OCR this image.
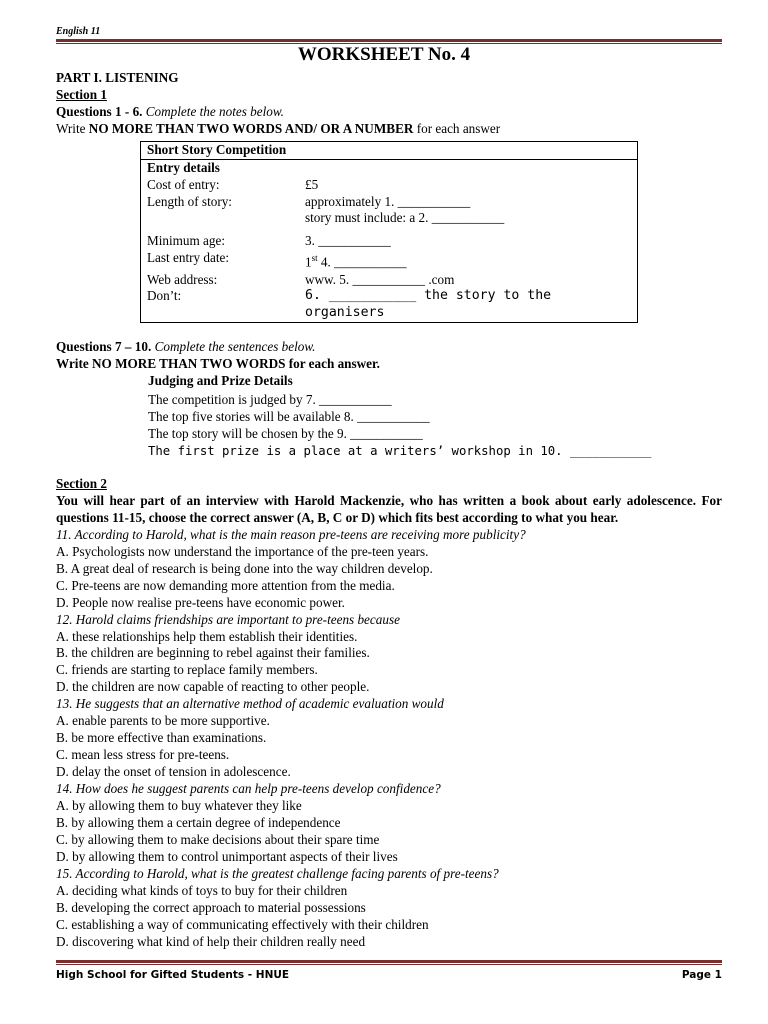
English 11
WORKSHEET No. 4
PART I. LISTENING
Section 1
Questions 1 - 6. Complete the notes below.
Write NO MORE THAN TWO WORDS AND/ OR A NUMBER for each answer
Short Story Competition	
Entry details	
Cost of entry:	£5
Length of story:	approximately 1. ___________
	story must include: a 2. ___________
Minimum age:	3. ___________
Last entry date:	1st 4. ___________
Web address:	www. 5. ___________ .com
Don’t:	6. ___________ the story to the organisers
Questions 7 – 10. Complete the sentences below.
Write NO MORE THAN TWO WORDS for each answer.
Judging and Prize Details
The competition is judged by 7. ___________
The top five stories will be available 8. ___________
The top story will be chosen by the 9. ___________
The first prize is a place at a writers’ workshop in 10. ___________
Section 2
You will hear part of an interview with Harold Mackenzie, who has written a book about early adolescence. For questions 11-15, choose the correct answer (A, B, C or D) which fits best according to what you hear.
11. According to Harold, what is the main reason pre-teens are receiving more publicity?
A. Psychologists now understand the importance of the pre-teen years.
B. A great deal of research is being done into the way children develop.
C. Pre-teens are now demanding more attention from the media.
D. People now realise pre-teens have economic power.
12. Harold claims friendships are important to pre-teens because
A. these relationships help them establish their identities.
B. the children are beginning to rebel against their families.
C. friends are starting to replace family members.
D. the children are now capable of reacting to other people.
13. He suggests that an alternative method of academic evaluation would
A. enable parents to be more supportive.
B. be more effective than examinations.
C. mean less stress for pre-teens.
D. delay the onset of tension in adolescence.
14. How does he suggest parents can help pre-teens develop confidence?
A. by allowing them to buy whatever they like
B. by allowing them a certain degree of independence
C. by allowing them to make decisions about their spare time
D. by allowing them to control unimportant aspects of their lives
15. According to Harold, what is the greatest challenge facing parents of pre-teens?
A. deciding what kinds of toys to buy for their children
B. developing the correct approach to material possessions
C. establishing a way of communicating effectively with their children
D. discovering what kind of help their children really need
High School for Gifted Students - HNUE	Page 1
